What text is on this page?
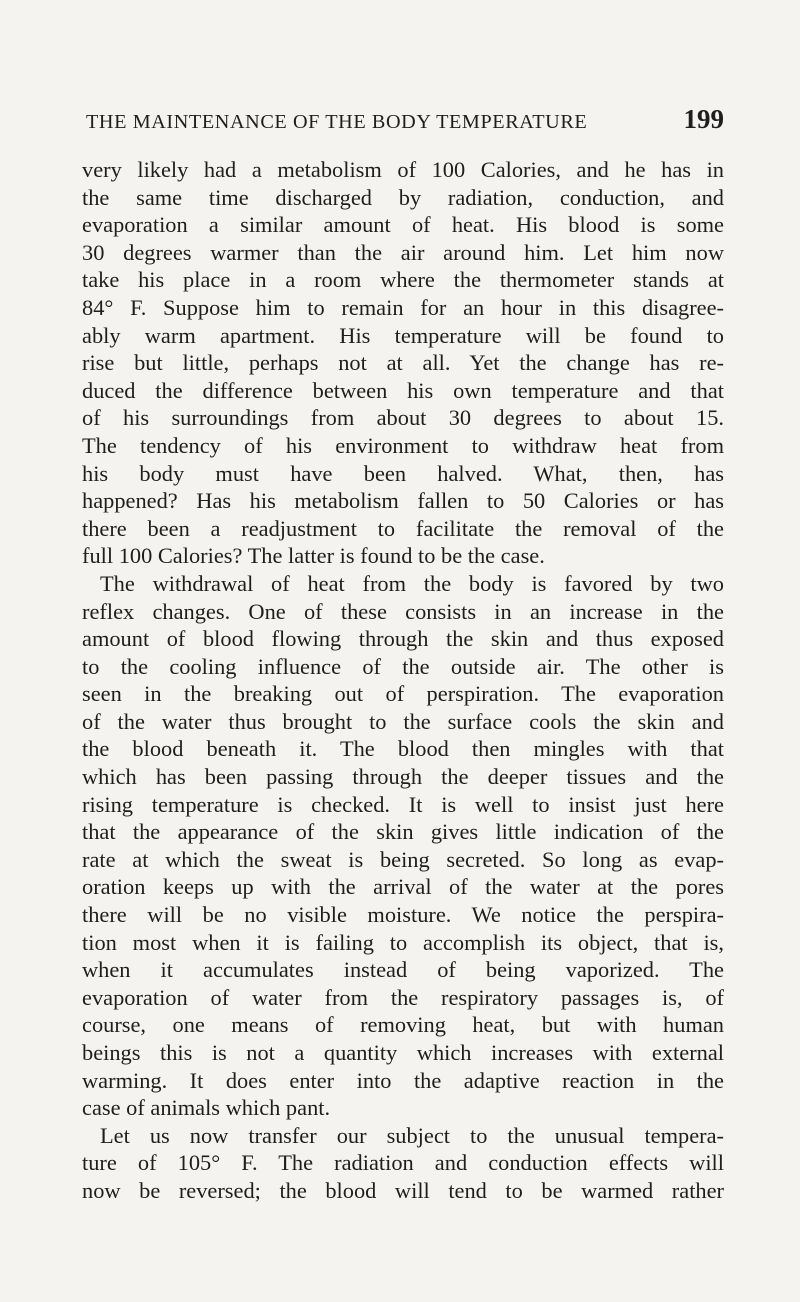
THE MAINTENANCE OF THE BODY TEMPERATURE	199
very likely had a metabolism of 100 Calories, and he has in
the same time discharged by radiation, conduction, and
evaporation a similar amount of heat. His blood is some
30 degrees warmer than the air around him. Let him now
take his place in a room where the thermometer stands at
84° F. Suppose him to remain for an hour in this disagree-
ably warm apartment. His temperature will be found to
rise but little, perhaps not at all. Yet the change has re-
duced the difference between his own temperature and that
of his surroundings from about 30 degrees to about 15.
The tendency of his environment to withdraw heat from
his body must have been halved. What, then, has
happened? Has his metabolism fallen to 50 Calories or has
there been a readjustment to facilitate the removal of the
full 100 Calories? The latter is found to be the case.
The withdrawal of heat from the body is favored by two
reflex changes. One of these consists in an increase in the
amount of blood flowing through the skin and thus exposed
to the cooling influence of the outside air. The other is
seen in the breaking out of perspiration. The evaporation
of the water thus brought to the surface cools the skin and
the blood beneath it. The blood then mingles with that
which has been passing through the deeper tissues and the
rising temperature is checked. It is well to insist just here
that the appearance of the skin gives little indication of the
rate at which the sweat is being secreted. So long as evap-
oration keeps up with the arrival of the water at the pores
there will be no visible moisture. We notice the perspira-
tion most when it is failing to accomplish its object, that is,
when it accumulates instead of being vaporized. The
evaporation of water from the respiratory passages is, of
course, one means of removing heat, but with human
beings this is not a quantity which increases with external
warming. It does enter into the adaptive reaction in the
case of animals which pant.
Let us now transfer our subject to the unusual tempera-
ture of 105° F. The radiation and conduction effects will
now be reversed; the blood will tend to be warmed rather
